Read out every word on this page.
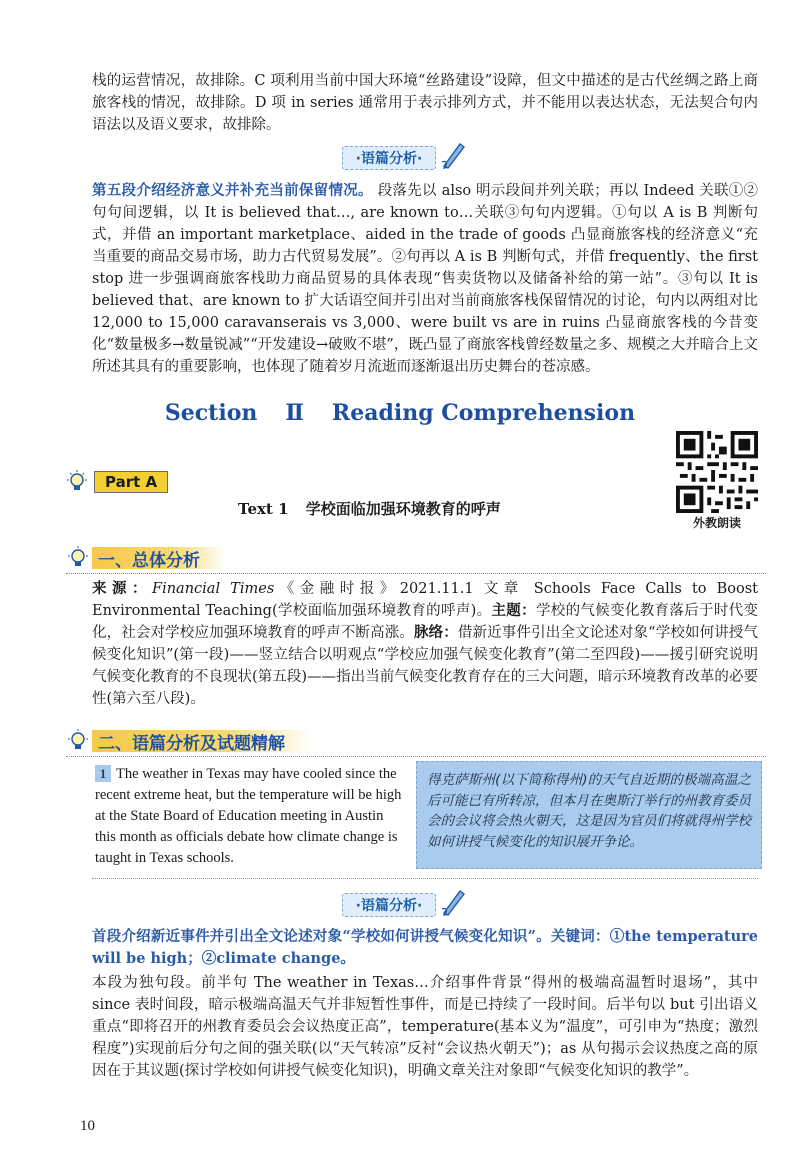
栈的运营情况，故排除。C 项利用当前中国大环境“丝路建设”设障，但文中描述的是古代丝绸之路上商旅客栈的情况，故排除。D 项 in series 通常用于表示排列方式，并不能用以表达状态，无法契合句内语法以及语义要求，故排除。

·语篇分析·
第五段介绍经济意义并补充当前保留情况。 段落先以 also 明示段间并列关联；再以 Indeed 关联①②句句间逻辑，以 It is believed that…, are known to…关联③句句内逻辑。①句以 A is B 判断句式，并借 an important marketplace、aided in the trade of goods 凸显商旅客栈的经济意义“充当重要的商品交易市场，助力古代贸易发展”。②句再以 A is B 判断句式，并借 frequently、the first stop 进一步强调商旅客栈助力商品贸易的具体表现“售卖货物以及储备补给的第一站”。③句以 It is believed that、are known to 扩大话语空间并引出对当前商旅客栈保留情况的讨论，句内以两组对比 12,000 to 15,000 caravanserais vs 3,000、were built vs are in ruins 凸显商旅客栈的今昔变化“数量极多→数量锐减”“开发建设→破败不堪”，既凸显了商旅客栈曾经数量之多、规模之大并暗合上文所述其具有的重要影响，也体现了随着岁月流逝而逐渐退出历史舞台的苍凉感。
Section Ⅱ Reading Comprehension
Part A
Text 1 学校面临加强环境教育的呼声
外教朗读
一、总体分析
来源：Financial Times《金融时报》2021.11.1 文章 Schools Face Calls to Boost Environmental Teaching(学校面临加强环境教育的呼声)。主题：学校的气候变化教育落后于时代变化，社会对学校应加强环境教育的呼声不断高涨。脉络：借新近事件引出全文论述对象“学校如何讲授气候变化知识”(第一段)——竖立结合以明观点“学校应加强气候变化教育”(第二至四段)——援引研究说明气候变化教育的不良现状(第五段)——指出当前气候变化教育存在的三大问题，暗示环境教育改革的必要性(第六至八段)。
二、语篇分析及试题精解
1 The weather in Texas may have cooled since the recent extreme heat, but the temperature will be high at the State Board of Education meeting in Austin this month as officials debate how climate change is taught in Texas schools.
得克萨斯州(以下简称得州)的天气自近期的极端高温之后可能已有所转凉，但本月在奥斯汀举行的州教育委员会的会议将会热火朝天，这是因为官员们将就得州学校如何讲授气候变化的知识展开争论。
·语篇分析·

首段介绍新近事件并引出全文论述对象“学校如何讲授气候变化知识”。关键词：①the temperature will be high；②climate change。

本段为独句段。前半句 The weather in Texas…介绍事件背景“得州的极端高温暂时退场”，其中 since 表时间段，暗示极端高温天气并非短暂性事件，而是已持续了一段时间。后半句以 but 引出语义重点“即将召开的州教育委员会会议热度正高”，temperature(基本义为“温度”，可引申为“热度；激烈程度”)实现前后分句之间的强关联(以“天气转凉”反衬“会议热火朝天”)；as 从句揭示会议热度之高的原因在于其议题(探讨学校如何讲授气候变化知识)，明确文章关注对象即“气候变化知识的教学”。

10
